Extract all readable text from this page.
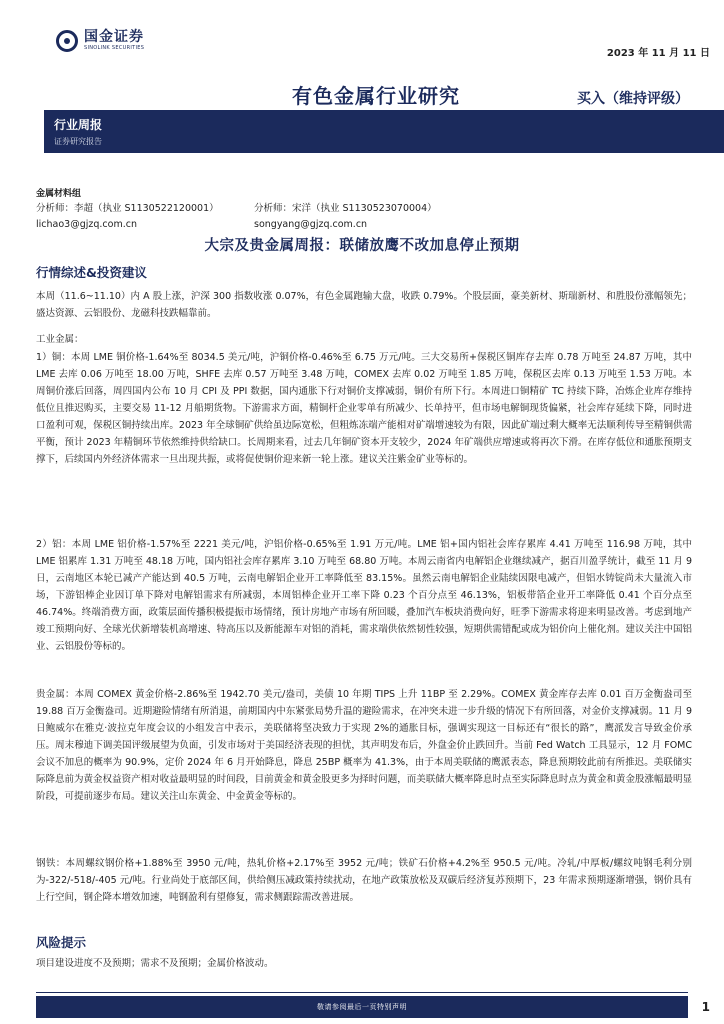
国金证券
SINOLINK SECURITIES	2023 年 11 月 11 日
有色金属行业研究	买入（维持评级）
行业周报
证券研究报告
金属材料组
分析师：李超（执业 S1130522120001）	分析师：宋洋（执业 S1130523070004）
lichao3@gjzq.com.cn	songyang@gjzq.com.cn
大宗及贵金属周报：联储放鹰不改加息停止预期
行情综述&投资建议
本周（11.6~11.10）内 A 股上涨，沪深 300 指数收涨 0.07%，有色金属跑输大盘，收跌 0.79%。个股层面，豪美新材、斯瑞新材、和胜股份涨幅领先；盛达资源、云铝股份、龙磁科技跌幅靠前。
工业金属：
1）铜：本周 LME 铜价格-1.64%至 8034.5 美元/吨，沪铜价格-0.46%至 6.75 万元/吨。三大交易所+保税区铜库存去库 0.78 万吨至 24.87 万吨，其中 LME 去库 0.06 万吨至 18.00 万吨，SHFE 去库 0.57 万吨至 3.48 万吨，COMEX 去库 0.02 万吨至 1.85 万吨，保税区去库 0.13 万吨至 1.53 万吨。本周铜价涨后回落，周四国内公布 10 月 CPI 及 PPI 数据，国内通胀下行对铜价支撑减弱，铜价有所下行。本周进口铜精矿 TC 持续下降，冶炼企业库存维持低位且推迟购买，主要交易 11-12 月船期货物。下游需求方面，精铜杆企业零单有所减少、长单持平，但市场电解铜现货偏紧，社会库存延续下降，同时进口盈利可观，保税区铜持续出库。2023 年全球铜矿供给虽边际宽松，但粗炼冻端产能相对矿端增速较为有限，因此矿端过剩大概率无法顺利传导至精铜供需平衡，预计 2023 年精铜环节依然维持供给缺口。长周期来看，过去几年铜矿资本开支较少，2024 年矿端供应增速或将再次下滑。在库存低位和通胀预期支撑下，后续国内外经济体需求一旦出现共振，或将促使铜价迎来新一轮上涨。建议关注紫金矿业等标的。
2）铝：本周 LME 铝价格-1.57%至 2221 美元/吨，沪铝价格-0.65%至 1.91 万元/吨。LME 铝+国内铝社会库存累库 4.41 万吨至 116.98 万吨，其中 LME 铝累库 1.31 万吨至 48.18 万吨，国内铝社会库存累库 3.10 万吨至 68.80 万吨。本周云南省内电解铝企业继续减产，据百川盈孚统计，截至 11 月 9 日，云南地区本轮已减产产能达到 40.5 万吨，云南电解铝企业开工率降低至 83.15%。虽然云南电解铝企业陆续因限电减产，但铝水铸锭尚未大量流入市场，下游铝棒企业因订单下降对电解铝需求有所减弱，本周铝棒企业开工率下降 0.23 个百分点至 46.13%，铝板带箔企业开工率降低 0.41 个百分点至 46.74%。终端消费方面，政策层面传播积极提振市场情绪，预计房地产市场有所回暖，叠加汽车板块消费向好，旺季下游需求将迎来明显改善。考虑到地产竣工预期向好、全球光伏新增装机高增速、特高压以及新能源车对铝的消耗，需求端供依然韧性较强，短期供需错配或成为铝价向上催化剂。建议关注中国铝业、云铝股份等标的。
贵金属：本周 COMEX 黄金价格-2.86%至 1942.70 美元/盎司，美债 10 年期 TIPS 上升 11BP 至 2.29%。COMEX 黄金库存去库 0.01 百万金衡盎司至 19.88 百万金衡盎司。近期避险情绪有所消退，前期国内中东紧张局势升温的避险需求，在冲突未进一步升级的情况下有所回落，对金价支撑减弱。11 月 9 日鲍威尔在雅克·波拉克年度会议的小组发言中表示，美联储将坚决致力于实现 2%的通胀目标，强调实现这一目标还有“很长的路”，鹰派发言导致金价承压。周末穆迪下调美国评级展望为负面，引发市场对于美国经济表现的担忧，其声明发布后，外盘金价止跌回升。当前 Fed Watch 工具显示，12 月 FOMC 会议不加息的概率为 90.9%，定价 2024 年 6 月开始降息，降息 25BP 概率为 41.3%，由于本周美联储的鹰派表态，降息预期较此前有所推迟。美联储实际降息前为黄金权益资产相对收益最明显的时间段，目前黄金和黄金股更多为择时问题，而美联储大概率降息时点至实际降息时点为黄金和黄金股涨幅最明显阶段，可提前逐步布局。建议关注山东黄金、中金黄金等标的。
钢铁：本周螺纹钢价格+1.88%至 3950 元/吨，热轧价格+2.17%至 3952 元/吨；铁矿石价格+4.2%至 950.5 元/吨。冷轧/中厚板/螺纹吨钢毛利分别为-322/-518/-405 元/吨。行业尚处于底部区间，供给侧压减政策持续扰动，在地产政策放松及双碳后经济复苏预期下，23 年需求预期逐渐增强，钢价具有上行空间，钢企降本增效加速，吨钢盈利有望修复，需求侧跟踪需改善进展。
风险提示
项目建设进度不及预期；需求不及预期；金属价格波动。
敬请参阅最后一页特别声明	1
